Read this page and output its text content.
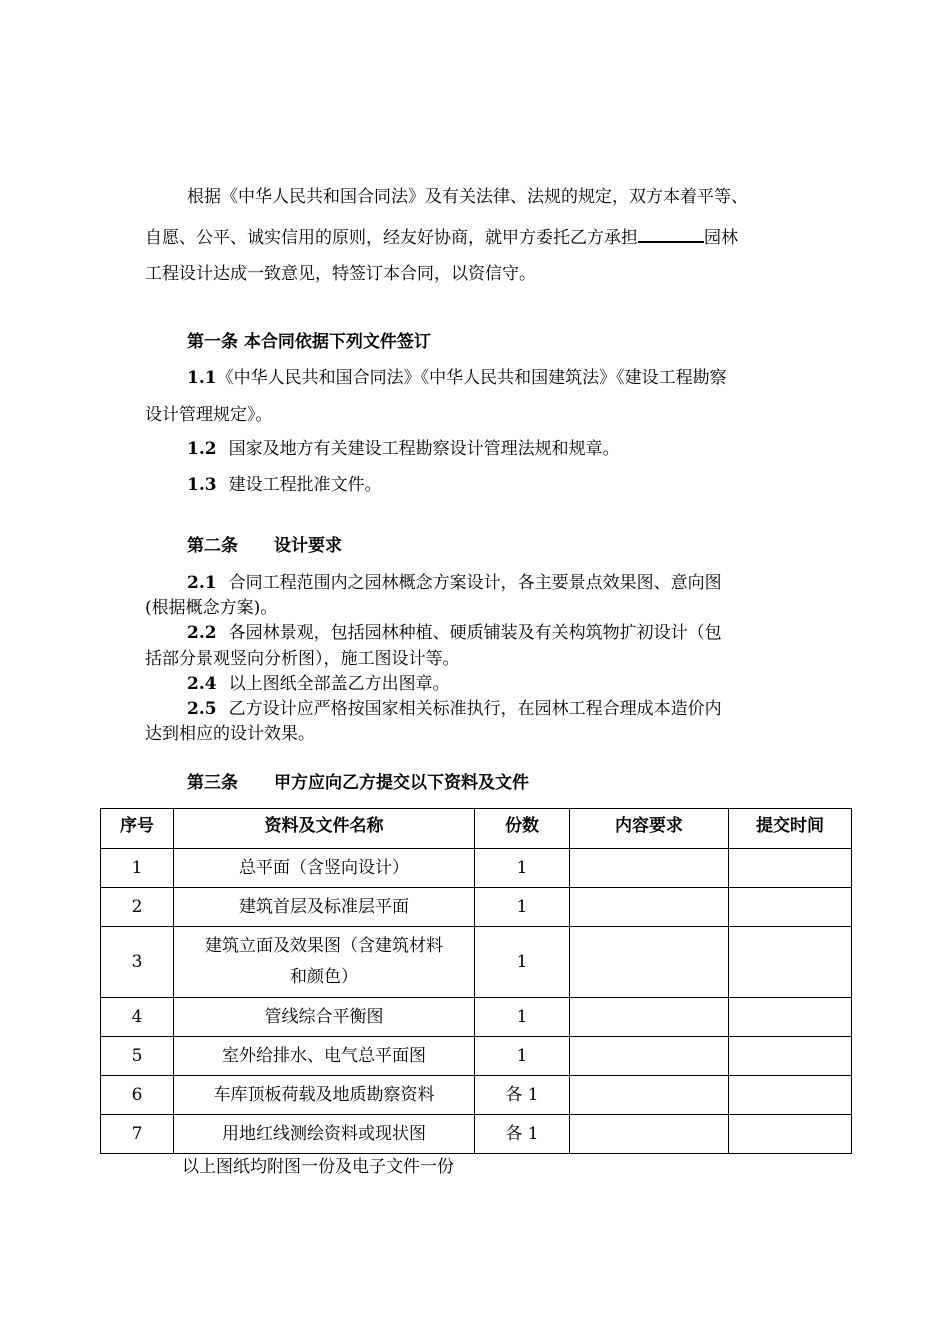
根据《中华人民共和国合同法》及有关法律、法规的规定，双方本着平等、
自愿、公平、诚实信用的原则，经友好协商，就甲方委托乙方承担	园林
工程设计达成一致意见，特签订本合同，以资信守。
第一条 本合同依据下列文件签订
1.1《中华人民共和国合同法》《中华人民共和国建筑法》《建设工程勘察
设计管理规定》。
1.2 国家及地方有关建设工程勘察设计管理法规和规章。
1.3 建设工程批准文件。
第二条 设计要求
2.1 合同工程范围内之园林概念方案设计，各主要景点效果图、意向图
(根据概念方案)。
2.2 各园林景观，包括园林种植、硬质铺装及有关构筑物扩初设计（包
括部分景观竖向分析图），施工图设计等。
2.4 以上图纸全部盖乙方出图章。
2.5 乙方设计应严格按国家相关标准执行，在园林工程合理成本造价内
达到相应的设计效果。
第三条 甲方应向乙方提交以下资料及文件
序号	资料及文件名称	份数	内容要求	提交时间
1	总平面（含竖向设计）	1		
2	建筑首层及标准层平面	1		
3	建筑立面及效果图（含建筑材料
和颜色）	1		
4	管线综合平衡图	1		
5	室外给排水、电气总平面图	1		
6	车库顶板荷载及地质勘察资料	各 1		
7	用地红线测绘资料或现状图	各 1		
以上图纸均附图一份及电子文件一份
